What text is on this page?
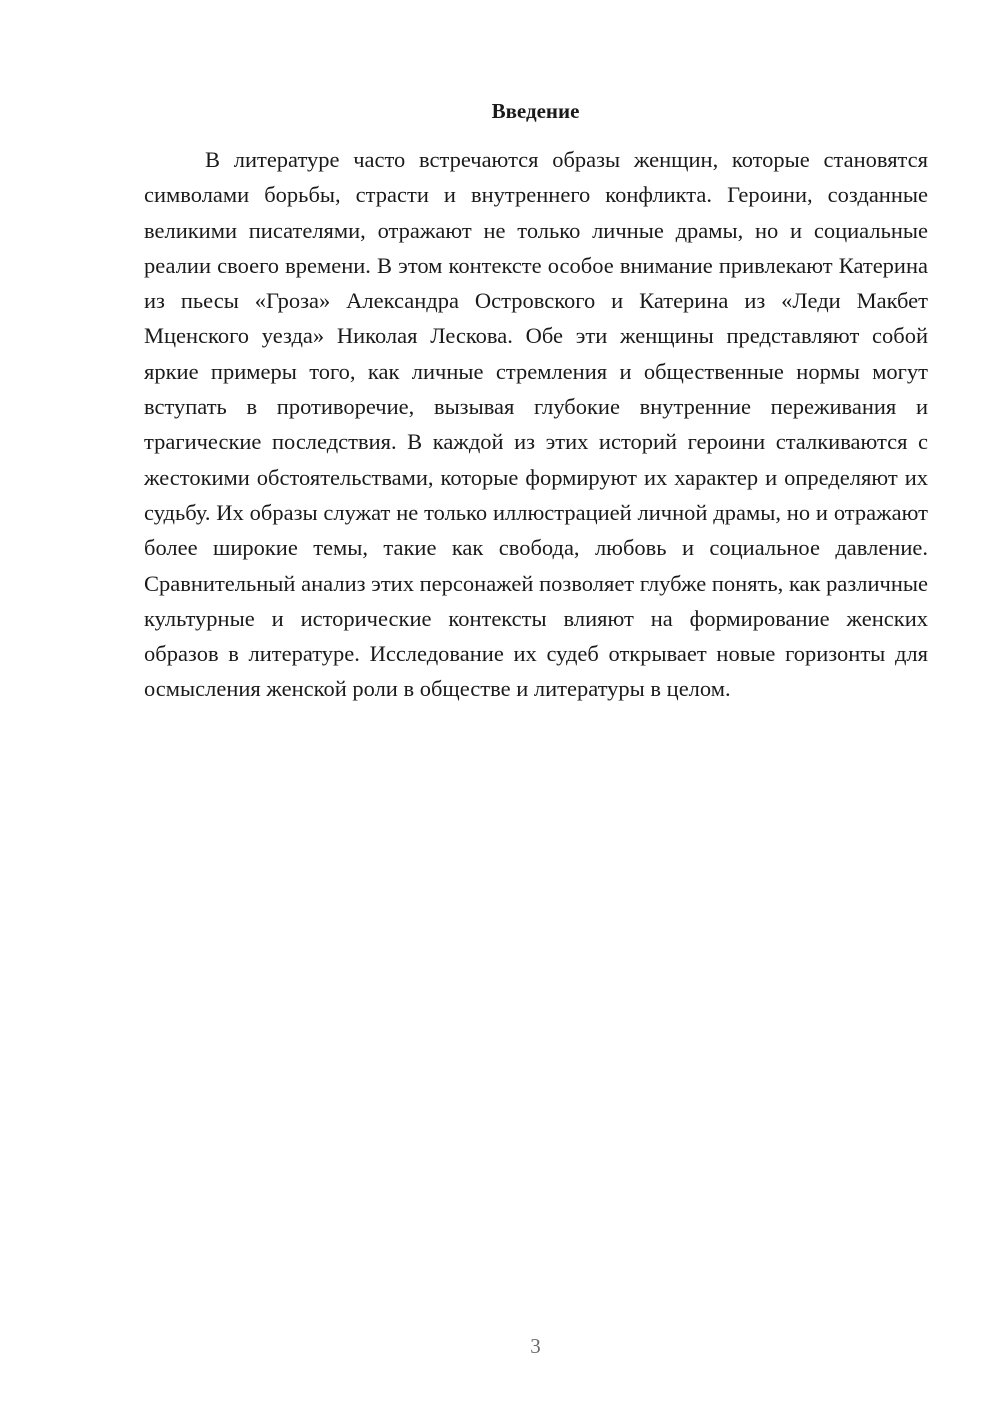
Введение

В литературе часто встречаются образы женщин, которые становятся символами борьбы, страсти и внутреннего конфликта. Героини, созданные великими писателями, отражают не только личные драмы, но и социальные реалии своего времени. В этом контексте особое внимание привлекают Катерина из пьесы «Гроза» Александра Островского и Катерина из «Леди Макбет Мценского уезда» Николая Лескова. Обе эти женщины представляют собой яркие примеры того, как личные стремления и общественные нормы могут вступать в противоречие, вызывая глубокие внутренние переживания и трагические последствия. В каждой из этих историй героини сталкиваются с жестокими обстоятельствами, которые формируют их характер и определяют их судьбу. Их образы служат не только иллюстрацией личной драмы, но и отражают более широкие темы, такие как свобода, любовь и социальное давление. Сравнительный анализ этих персонажей позволяет глубже понять, как различные культурные и исторические контексты влияют на формирование женских образов в литературе. Исследование их судеб открывает новые горизонты для осмысления женской роли в обществе и литературы в целом.

3
